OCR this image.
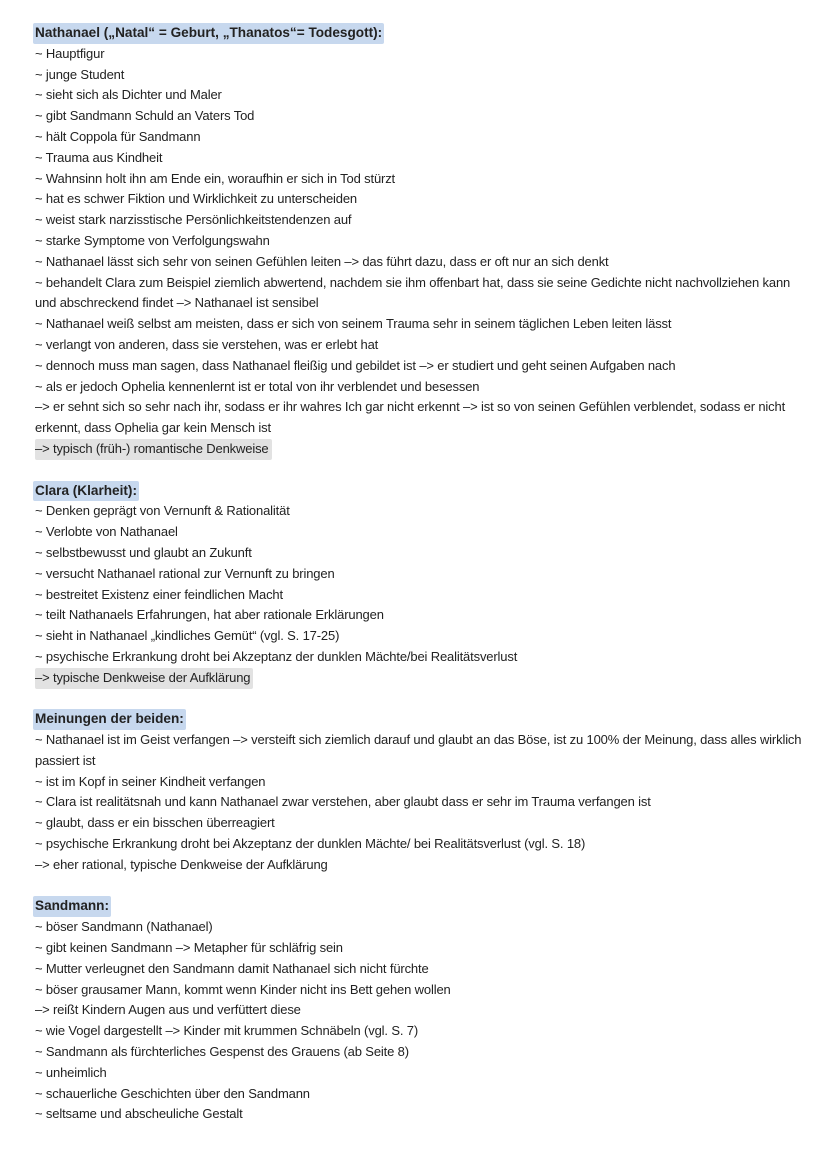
Nathanael („Natal“ = Geburt, „Thanatos“= Todesgott):

~ Hauptfigur

~ junge Student

~ sieht sich als Dichter und Maler

~ gibt Sandmann Schuld an Vaters Tod

~ hält Coppola für Sandmann

~ Trauma aus Kindheit

~ Wahnsinn holt ihn am Ende ein, woraufhin er sich in Tod stürzt

~ hat es schwer Fiktion und Wirklichkeit zu unterscheiden

~ weist stark narzisstische Persönlichkeitstendenzen auf

~ starke Symptome von Verfolgungswahn

~ Nathanael lässt sich sehr von seinen Gefühlen leiten –> das führt dazu, dass er oft nur an sich denkt

~ behandelt Clara zum Beispiel ziemlich abwertend, nachdem sie ihm offenbart hat, dass sie seine Gedichte nicht nachvollziehen kann und abschreckend findet –> Nathanael ist sensibel

~ Nathanael weiß selbst am meisten, dass er sich von seinem Trauma sehr in seinem täglichen Leben leiten lässt

~ verlangt von anderen, dass sie verstehen, was er erlebt hat

~ dennoch muss man sagen, dass Nathanael fleißig und gebildet ist –> er studiert und geht seinen Aufgaben nach

~ als er jedoch Ophelia kennenlernt ist er total von ihr verblendet und besessen

–> er sehnt sich so sehr nach ihr, sodass er ihr wahres Ich gar nicht erkennt –> ist so von seinen Gefühlen verblendet, sodass er nicht erkennt, dass Ophelia gar kein Mensch ist

–> typisch (früh-) romantische Denkweise

Clara (Klarheit):

~ Denken geprägt von Vernunft & Rationalität

~ Verlobte von Nathanael

~ selbstbewusst und glaubt an Zukunft

~ versucht Nathanael rational zur Vernunft zu bringen

~ bestreitet Existenz einer feindlichen Macht

~ teilt Nathanaels Erfahrungen, hat aber rationale Erklärungen

~ sieht in Nathanael „kindliches Gemüt“ (vgl. S. 17-25)

~ psychische Erkrankung droht bei Akzeptanz der dunklen Mächte/bei Realitätsverlust

–> typische Denkweise der Aufklärung

Meinungen der beiden:

~ Nathanael ist im Geist verfangen –> versteift sich ziemlich darauf und glaubt an das Böse, ist zu 100% der Meinung, dass alles wirklich passiert ist

~ ist im Kopf in seiner Kindheit verfangen

~ Clara ist realitätsnah und kann Nathanael zwar verstehen, aber glaubt dass er sehr im Trauma verfangen ist

~ glaubt, dass er ein bisschen überreagiert

~ psychische Erkrankung droht bei Akzeptanz der dunklen Mächte/ bei Realitätsverlust (vgl. S. 18)

–> eher rational, typische Denkweise der Aufklärung

Sandmann:

~ böser Sandmann (Nathanael)

~ gibt keinen Sandmann –> Metapher für schläfrig sein

~ Mutter verleugnet den Sandmann damit Nathanael sich nicht fürchte

~ böser grausamer Mann, kommt wenn Kinder nicht ins Bett gehen wollen

–> reißt Kindern Augen aus und verfüttert diese

~ wie Vogel dargestellt –> Kinder mit krummen Schnäbeln (vgl. S. 7)

~ Sandmann als fürchterliches Gespenst des Grauens (ab Seite 8)

~ unheimlich

~ schauerliche Geschichten über den Sandmann

~ seltsame und abscheuliche Gestalt
